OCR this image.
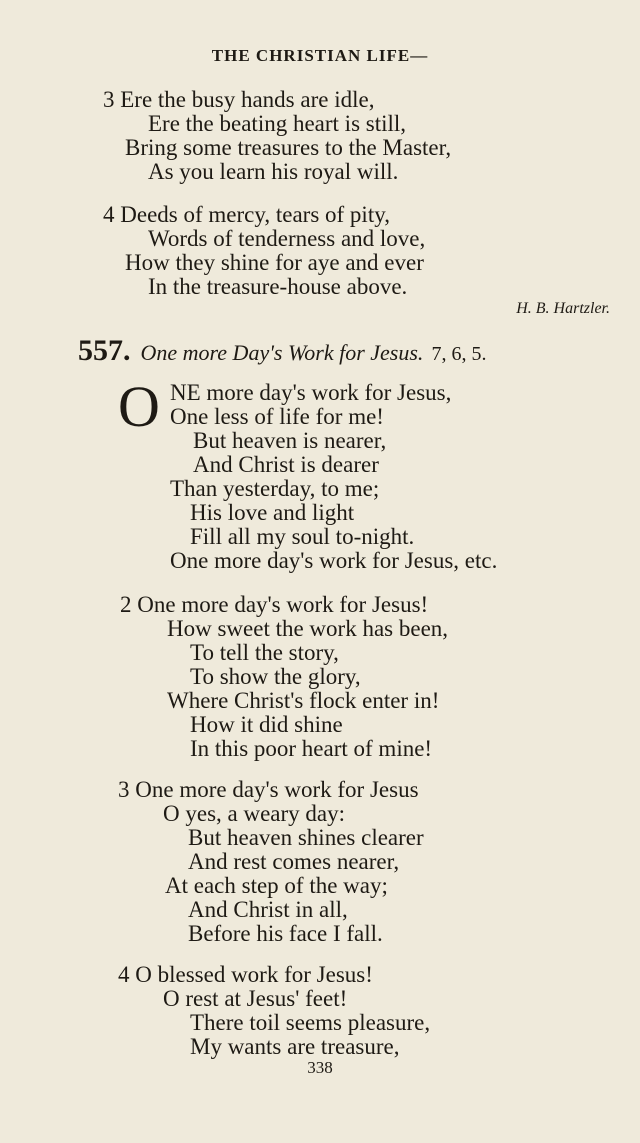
THE CHRISTIAN LIFE—
3 Ere the busy hands are idle,
Ere the beating heart is still,
Bring some treasures to the Master,
As you learn his royal will.
4 Deeds of mercy, tears of pity,
Words of tenderness and love,
How they shine for aye and ever
In the treasure-house above.
H. B. Hartzler.
557. One more Day's Work for Jesus. 7, 6, 5.
O NE more day's work for Jesus,
One less of life for me!
But heaven is nearer,
And Christ is dearer
Than yesterday, to me;
His love and light
Fill all my soul to-night.
One more day's work for Jesus, etc.
2 One more day's work for Jesus!
How sweet the work has been,
To tell the story,
To show the glory,
Where Christ's flock enter in!
How it did shine
In this poor heart of mine!
3 One more day's work for Jesus
O yes, a weary day:
But heaven shines clearer
And rest comes nearer,
At each step of the way;
And Christ in all,
Before his face I fall.
4 O blessed work for Jesus!
O rest at Jesus' feet!
There toil seems pleasure,
My wants are treasure,
338
